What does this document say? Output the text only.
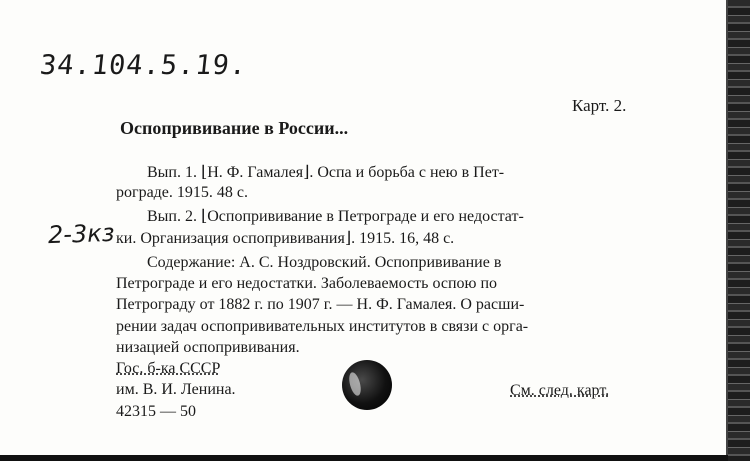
34.104.5.19.
Карт. 2.
Оспопрививание в России...
Вып. 1. ⌊Н. Ф. Гамалея⌋. Оспа и борьба с нею в Пет-
рограде. 1915. 48 с.
Вып. 2. ⌊Оспопрививание в Петрограде и его недостат-
ки. Организация оспопрививания⌋. 1915. 16, 48 с.
Содержание: А. С. Ноздровский. Оспопрививание в
Петрограде и его недостатки. Заболеваемость оспою по
Петрограду от 1882 г. по 1907 г. — Н. Ф. Гамалея. О расши-
рении задач оспопрививательных институтов в связи с орга-
низацией оспопрививания.
2-3кз
Гос. б-ка СССР
им. В. И. Ленина.
42315 — 50
См. след. карт.
